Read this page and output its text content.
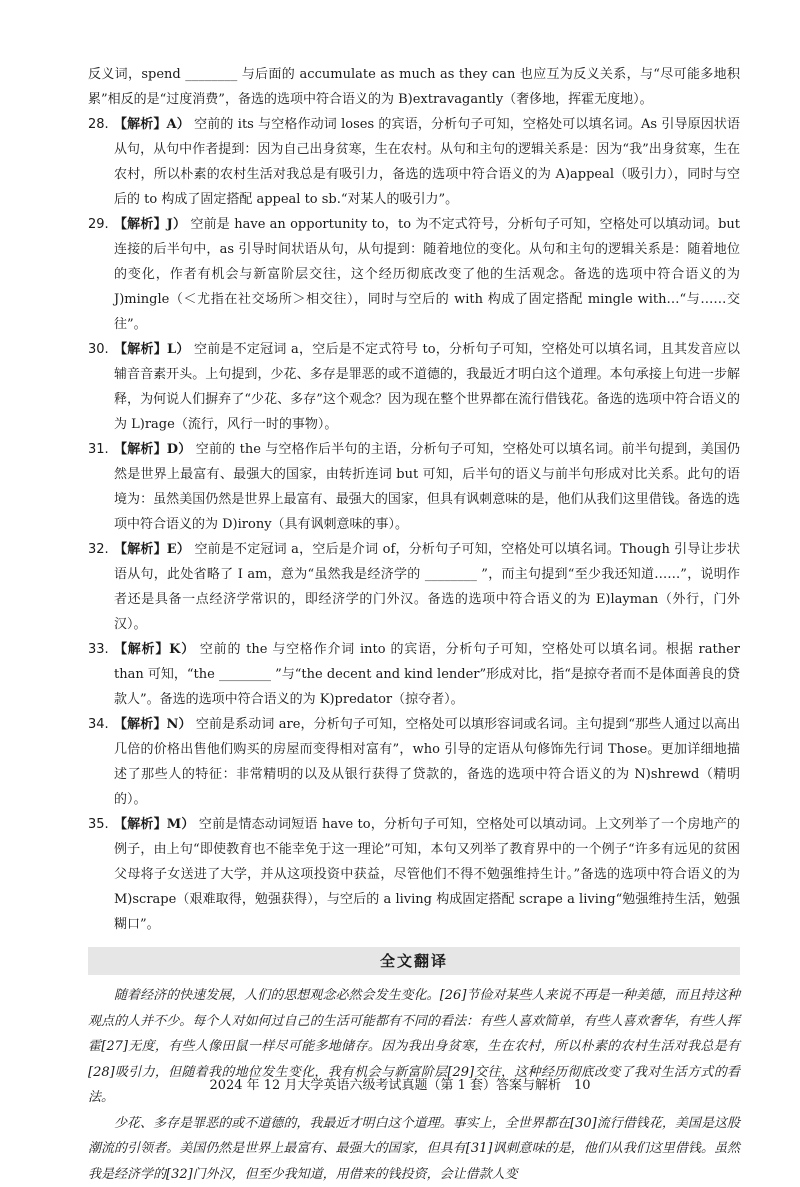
反义词，spend ________ 与后面的 accumulate as much as they can 也应互为反义关系，与“尽可能多地积累”相反的是“过度消费”，备选的选项中符合语义的为 B)extravagantly（奢侈地，挥霍无度地）。

28. 【解析】A） 空前的 its 与空格作动词 loses 的宾语，分析句子可知，空格处可以填名词。As 引导原因状语从句，从句中作者提到：因为自己出身贫寒，生在农村。从句和主句的逻辑关系是：因为“我”出身贫寒，生在农村，所以朴素的农村生活对我总是有吸引力，备选的选项中符合语义的为 A)appeal（吸引力），同时与空后的 to 构成了固定搭配 appeal to sb.“对某人的吸引力”。
29. 【解析】J） 空前是 have an opportunity to，to 为不定式符号，分析句子可知，空格处可以填动词。but 连接的后半句中，as 引导时间状语从句，从句提到：随着地位的变化。从句和主句的逻辑关系是：随着地位的变化，作者有机会与新富阶层交往，这个经历彻底改变了他的生活观念。备选的选项中符合语义的为 J)mingle（＜尤指在社交场所＞相交往），同时与空后的 with 构成了固定搭配 mingle with…“与……交往”。
30. 【解析】L） 空前是不定冠词 a，空后是不定式符号 to，分析句子可知，空格处可以填名词，且其发音应以辅音音素开头。上句提到，少花、多存是罪恶的或不道德的，我最近才明白这个道理。本句承接上句进一步解释，为何说人们摒弃了“少花、多存”这个观念？因为现在整个世界都在流行借钱花。备选的选项中符合语义的为 L)rage（流行，风行一时的事物）。
31. 【解析】D） 空前的 the 与空格作后半句的主语，分析句子可知，空格处可以填名词。前半句提到，美国仍然是世界上最富有、最强大的国家，由转折连词 but 可知，后半句的语义与前半句形成对比关系。此句的语境为：虽然美国仍然是世界上最富有、最强大的国家，但具有讽刺意味的是，他们从我们这里借钱。备选的选项中符合语义的为 D)irony（具有讽刺意味的事）。
32. 【解析】E） 空前是不定冠词 a，空后是介词 of，分析句子可知，空格处可以填名词。Though 引导让步状语从句，此处省略了 I am，意为“虽然我是经济学的 ________ ”，而主句提到“至少我还知道……”，说明作者还是具备一点经济学常识的，即经济学的门外汉。备选的选项中符合语义的为 E)layman（外行，门外汉）。
33. 【解析】K） 空前的 the 与空格作介词 into 的宾语，分析句子可知，空格处可以填名词。根据 rather than 可知，“the ________ ”与“the decent and kind lender”形成对比，指“是掠夺者而不是体面善良的贷款人”。备选的选项中符合语义的为 K)predator（掠夺者）。
34. 【解析】N） 空前是系动词 are，分析句子可知，空格处可以填形容词或名词。主句提到“那些人通过以高出几倍的价格出售他们购买的房屋而变得相对富有”，who 引导的定语从句修饰先行词 Those。更加详细地描述了那些人的特征：非常精明的以及从银行获得了贷款的，备选的选项中符合语义的为 N)shrewd（精明的）。
35. 【解析】M） 空前是情态动词短语 have to，分析句子可知，空格处可以填动词。上文列举了一个房地产的例子，由上句“即使教育也不能幸免于这一理论”可知，本句又列举了教育界中的一个例子“许多有远见的贫困父母将子女送进了大学，并从这项投资中获益，尽管他们不得不勉强维持生计。”备选的选项中符合语义的为 M)scrape（艰难取得，勉强获得），与空后的 a living 构成固定搭配 scrape a living“勉强维持生活，勉强糊口”。
全文翻译

随着经济的快速发展，人们的思想观念必然会发生变化。[26]节俭对某些人来说不再是一种美德，而且持这种观点的人并不少。每个人对如何过自己的生活可能都有不同的看法：有些人喜欢简单，有些人喜欢奢华，有些人挥霍[27]无度，有些人像田鼠一样尽可能多地储存。因为我出身贫寒，生在农村，所以朴素的农村生活对我总是有[28]吸引力，但随着我的地位发生变化，我有机会与新富阶层[29]交往，这种经历彻底改变了我对生活方式的看法。

少花、多存是罪恶的或不道德的，我最近才明白这个道理。事实上，全世界都在[30]流行借钱花，美国是这股潮流的引领者。美国仍然是世界上最富有、最强大的国家，但具有[31]讽刺意味的是，他们从我们这里借钱。虽然我是经济学的[32]门外汉，但至少我知道，用借来的钱投资，会让借款人变

2024 年 12 月大学英语六级考试真题（第 1 套）答案与解析　10
